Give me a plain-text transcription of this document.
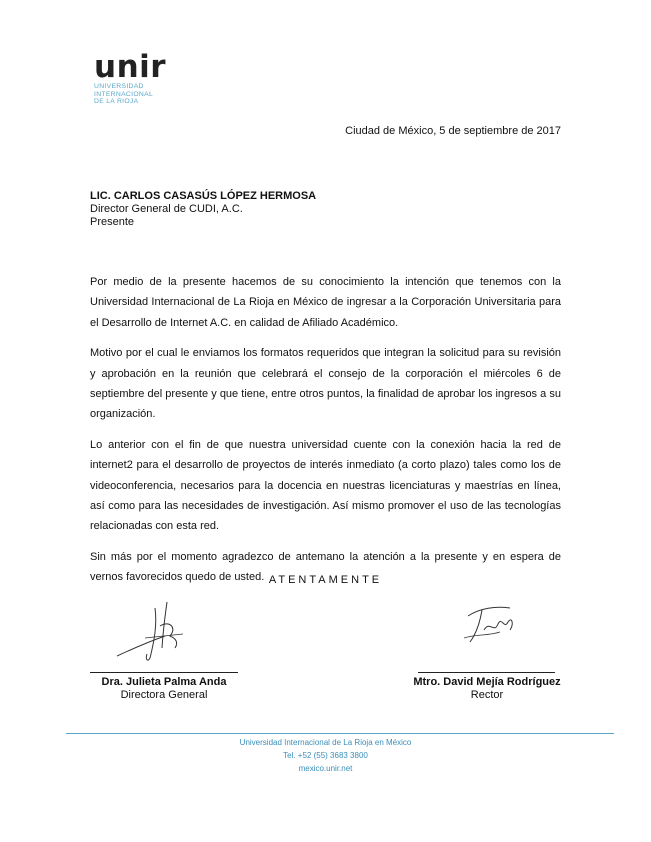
unir
UNIVERSIDAD
INTERNACIONAL
DE LA RIOJA
Ciudad de México, 5 de septiembre de 2017
LIC. CARLOS CASASÚS LÓPEZ HERMOSA
Director General de CUDI, A.C.
Presente

Por medio de la presente hacemos de su conocimiento la intención que tenemos con la Universidad Internacional de La Rioja en México de ingresar a la Corporación Universitaria para el Desarrollo de Internet A.C. en calidad de Afiliado Académico.

Motivo por el cual le enviamos los formatos requeridos que integran la solicitud para su revisión y aprobación en la reunión que celebrará el consejo de la corporación el miércoles 6 de septiembre del presente y que tiene, entre otros puntos, la finalidad de aprobar los ingresos a su organización.

Lo anterior con el fin de que nuestra universidad cuente con la conexión hacia la red de internet2 para el desarrollo de proyectos de interés inmediato (a corto plazo) tales como los de videoconferencia, necesarios para la docencia en nuestras licenciaturas y maestrías en línea, así como para las necesidades de investigación. Así mismo promover el uso de las tecnologías relacionadas con esta red.

Sin más por el momento agradezco de antemano la atención a la presente y en espera de vernos favorecidos quedo de usted. ATENTAMENTE
Dra. Julieta Palma Anda
Directora General
Mtro. David Mejía Rodríguez
Rector
Universidad Internacional de La Rioja en México
Tel. +52 (55) 3683 3800
mexico.unir.net
